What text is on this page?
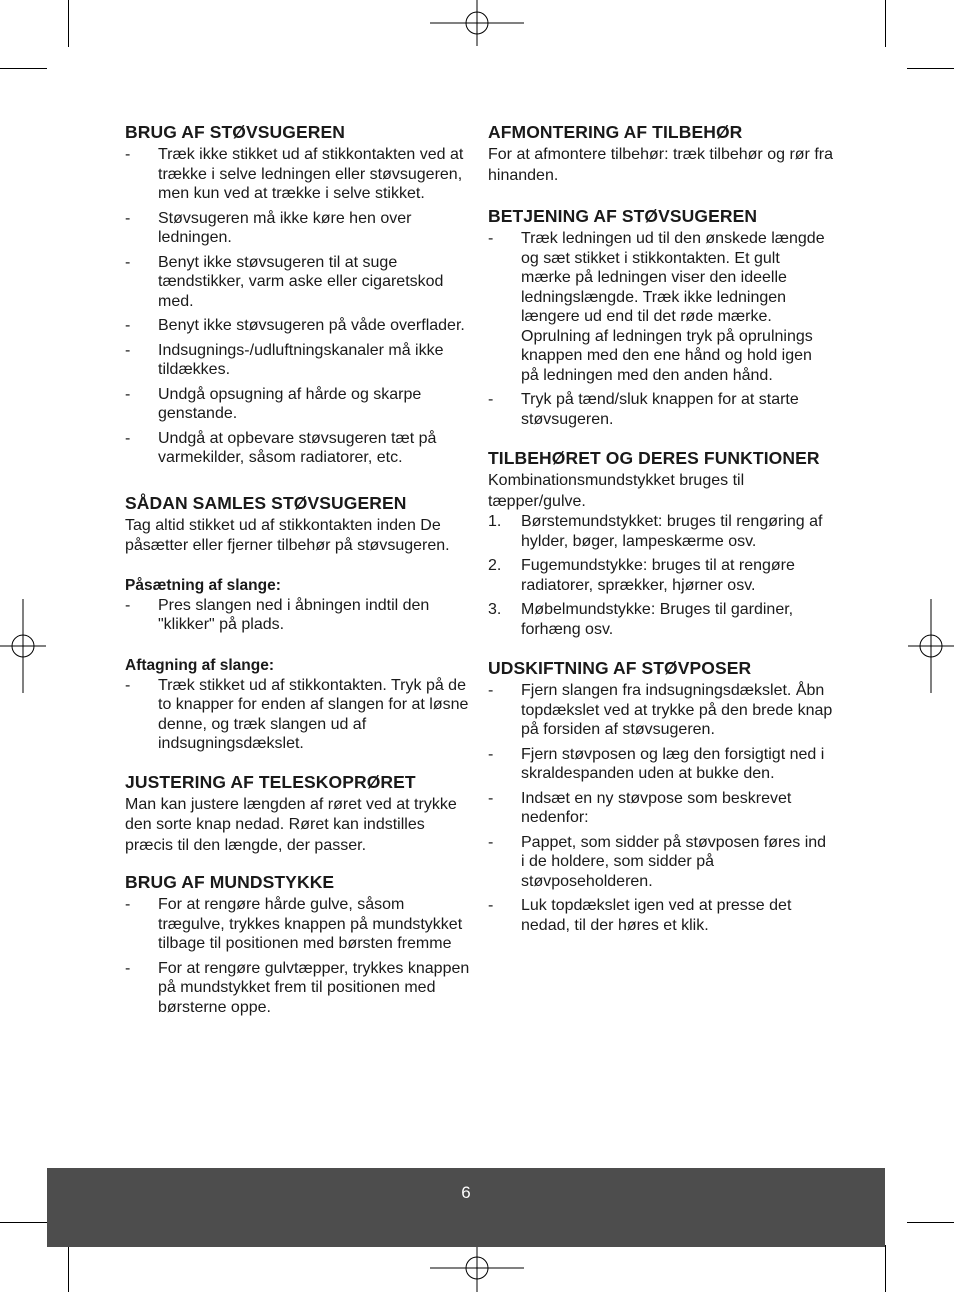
BRUG AF STØVSUGEREN
- Træk ikke stikket ud af stikkontakten ved at trække i selve ledningen eller støvsugeren, men kun ved at trække i selve stikket.
- Støvsugeren må ikke køre hen over ledningen.
- Benyt ikke støvsugeren til at suge tændstikker, varm aske eller cigaretskod med.
- Benyt ikke støvsugeren på våde overflader.
- Indsugnings-/udluftningskanaler må ikke tildækkes.
- Undgå opsugning af hårde og skarpe genstande.
- Undgå at opbevare støvsugeren tæt på varmekilder, såsom radiatorer, etc.
SÅDAN SAMLES STØVSUGEREN

Tag altid stikket ud af stikkontakten inden De påsætter eller fjerner tilbehør på støvsugeren.

Påsætning af slange:
- Pres slangen ned i åbningen indtil den "klikker" på plads.
Aftagning af slange:
- Træk stikket ud af stikkontakten. Tryk på de to knapper for enden af slangen for at løsne denne, og træk slangen ud af indsugningsdækslet.
JUSTERING AF TELESKOPRØRET

Man kan justere længden af røret ved at trykke den sorte knap nedad. Røret kan indstilles præcis til den længde, der passer.

BRUG AF MUNDSTYKKE
- For at rengøre hårde gulve, såsom trægulve, trykkes knappen på mundstykket tilbage til positionen med børsten fremme
- For at rengøre gulvtæpper, trykkes knappen på mundstykket frem til positionen med børsterne oppe.
AFMONTERING AF TILBEHØR

For at afmontere tilbehør: træk tilbehør og rør fra hinanden.

BETJENING AF STØVSUGEREN
- Træk ledningen ud til den ønskede længde og sæt stikket i stikkontakten. Et gult mærke på ledningen viser den ideelle ledningslængde. Træk ikke ledningen længere ud end til det røde mærke. Oprulning af ledningen tryk på oprulnings knappen med den ene hånd og hold igen på ledningen med den anden hånd.
- Tryk på tænd/sluk knappen for at starte støvsugeren.
TILBEHØRET OG DERES FUNKTIONER

Kombinationsmundstykket bruges til tæpper/gulve.

1. Børstemundstykket: bruges til rengøring af hylder, bøger, lampeskærme osv.
2. Fugemundstykke: bruges til at rengøre radiatorer, sprækker, hjørner osv.
3. Møbelmundstykke: Bruges til gardiner, forhæng osv.
UDSKIFTNING AF STØVPOSER
- Fjern slangen fra indsugningsdækslet. Åbn topdækslet ved at trykke på den brede knap på forsiden af støvsugeren.
- Fjern støvposen og læg den forsigtigt ned i skraldespanden uden at bukke den.
- Indsæt en ny støvpose som beskrevet nedenfor:
- Pappet, som sidder på støvposen føres ind i de holdere, som sidder på støvposeholderen.
- Luk topdækslet igen ved at presse det nedad, til der høres et klik.
6
